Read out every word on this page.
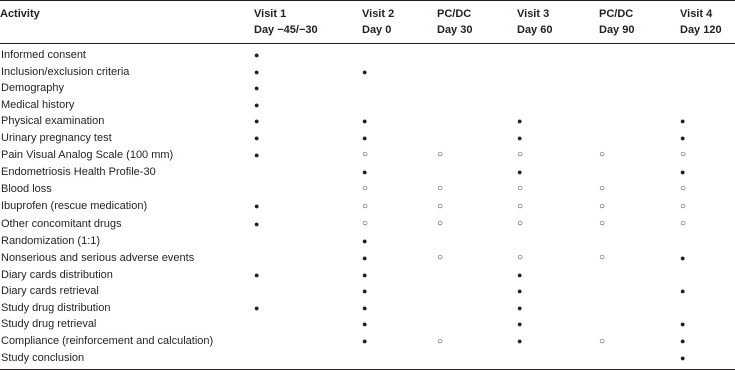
Activity	Visit 1	Visit 2	PC/DC	Visit 3	PC/DC	Visit 4
	Day −45/−30	Day 0	Day 30	Day 60	Day 90	Day 120
Informed consent	●					
Inclusion/exclusion criteria	●	●				
Demography	●					
Medical history	●					
Physical examination	●	●		●		●
Urinary pregnancy test	●	●		●		●
Pain Visual Analog Scale (100 mm)	●	○	○	○	○	○
Endometriosis Health Profile-30		●		●		●
Blood loss		○	○	○	○	○
Ibuprofen (rescue medication)	●	○	○	○	○	○
Other concomitant drugs	●	○	○	○	○	○
Randomization (1:1)		●				
Nonserious and serious adverse events		●	○	○	○	●
Diary cards distribution	●	●		●		
Diary cards retrieval		●		●		●
Study drug distribution	●	●		●		
Study drug retrieval		●		●		●
Compliance (reinforcement and calculation)		●	○	●	○	●
Study conclusion						●
